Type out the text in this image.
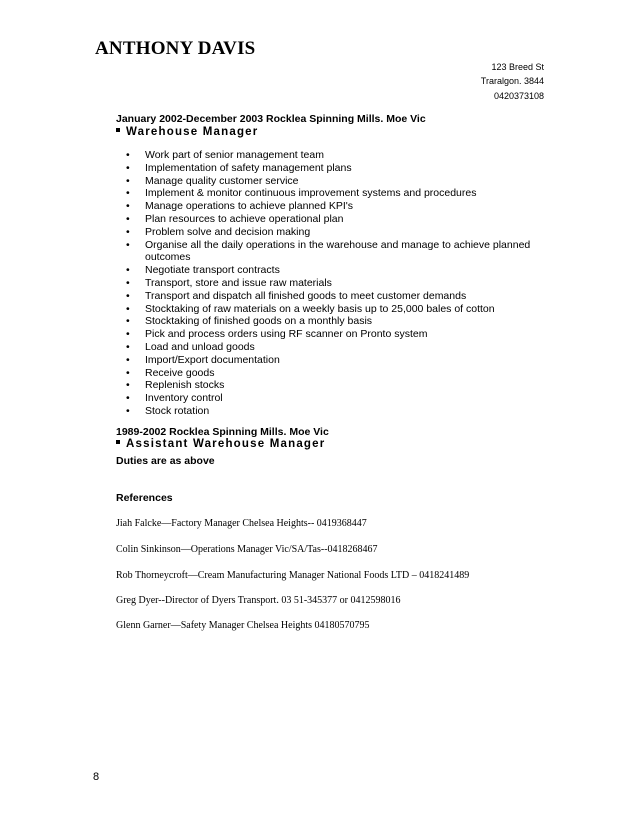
ANTHONY DAVIS
123 Breed St
Traralgon. 3844
0420373108
January 2002-December 2003 Rocklea Spinning Mills. Moe Vic
Warehouse Manager
• Work part of senior management team
• Implementation of safety management plans
• Manage quality customer service
• Implement & monitor continuous improvement systems and procedures
• Manage operations to achieve planned KPI's
• Plan resources to achieve operational plan
• Problem solve and decision making
• Organise all the daily operations in the warehouse and manage to achieve planned outcomes
• Negotiate transport contracts
• Transport, store and issue raw materials
• Transport and dispatch all finished goods to meet customer demands
• Stocktaking of raw materials on a weekly basis up to 25,000 bales of cotton
• Stocktaking of finished goods on a monthly basis
• Pick and process orders using RF scanner on Pronto system
• Load and unload goods
• Import/Export documentation
• Receive goods
• Replenish stocks
• Inventory control
• Stock rotation
1989-2002 Rocklea Spinning Mills. Moe Vic
Assistant Warehouse Manager
Duties are as above
References
Jiah Falcke—Factory Manager Chelsea Heights-- 0419368447
Colin Sinkinson—Operations Manager Vic/SA/Tas--0418268467
Rob Thorneycroft—Cream Manufacturing Manager National Foods LTD – 0418241489
Greg Dyer--Director of Dyers Transport. 03 51-345377 or 0412598016
Glenn Garner—Safety Manager Chelsea Heights 04180570795
8
